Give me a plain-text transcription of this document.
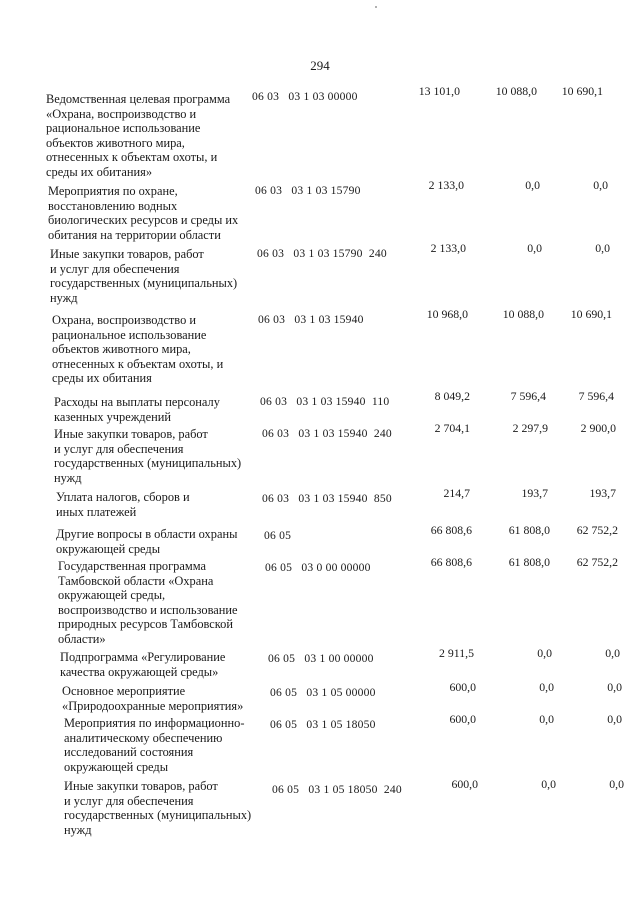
294
Ведомственная целевая программа
«Охрана, воспроизводство и
рациональное использование
объектов животного мира,
отнесенных к объектам охоты, и
среды их обитания»
06 03   03 1 03 00000	13 101,0	10 088,0	10 690,1
Мероприятия по охране,
восстановлению водных
биологических ресурсов и среды их
обитания на территории области
06 03   03 1 03 15790	2 133,0	0,0	0,0
Иные закупки товаров, работ
и услуг для обеспечения
государственных (муниципальных)
нужд
06 03   03 1 03 15790  240	2 133,0	0,0	0,0
Охрана, воспроизводство и
рациональное использование
объектов животного мира,
отнесенных к объектам охоты, и
среды их обитания
06 03   03 1 03 15940	10 968,0	10 088,0	10 690,1
Расходы на выплаты персоналу
казенных учреждений
06 03   03 1 03 15940  110	8 049,2	7 596,4	7 596,4
Иные закупки товаров, работ
и услуг для обеспечения
государственных (муниципальных)
нужд
06 03   03 1 03 15940  240	2 704,1	2 297,9	2 900,0
Уплата налогов, сборов и
иных платежей
06 03   03 1 03 15940  850	214,7	193,7	193,7
Другие вопросы в области охраны
окружающей среды
06 05	66 808,6	61 808,0	62 752,2
Государственная программа
Тамбовской области «Охрана
окружающей среды,
воспроизводство и использование
природных ресурсов Тамбовской
области»
06 05   03 0 00 00000	66 808,6	61 808,0	62 752,2
Подпрограмма «Регулирование
качества окружающей среды»
06 05   03 1 00 00000	2 911,5	0,0	0,0
Основное мероприятие
«Природоохранные мероприятия»
06 05   03 1 05 00000	600,0	0,0	0,0
Мероприятия по информационно-
аналитическому обеспечению
исследований состояния
окружающей среды
06 05   03 1 05 18050	600,0	0,0	0,0
Иные закупки товаров, работ
и услуг для обеспечения
государственных (муниципальных)
нужд
06 05   03 1 05 18050  240	600,0	0,0	0,0
